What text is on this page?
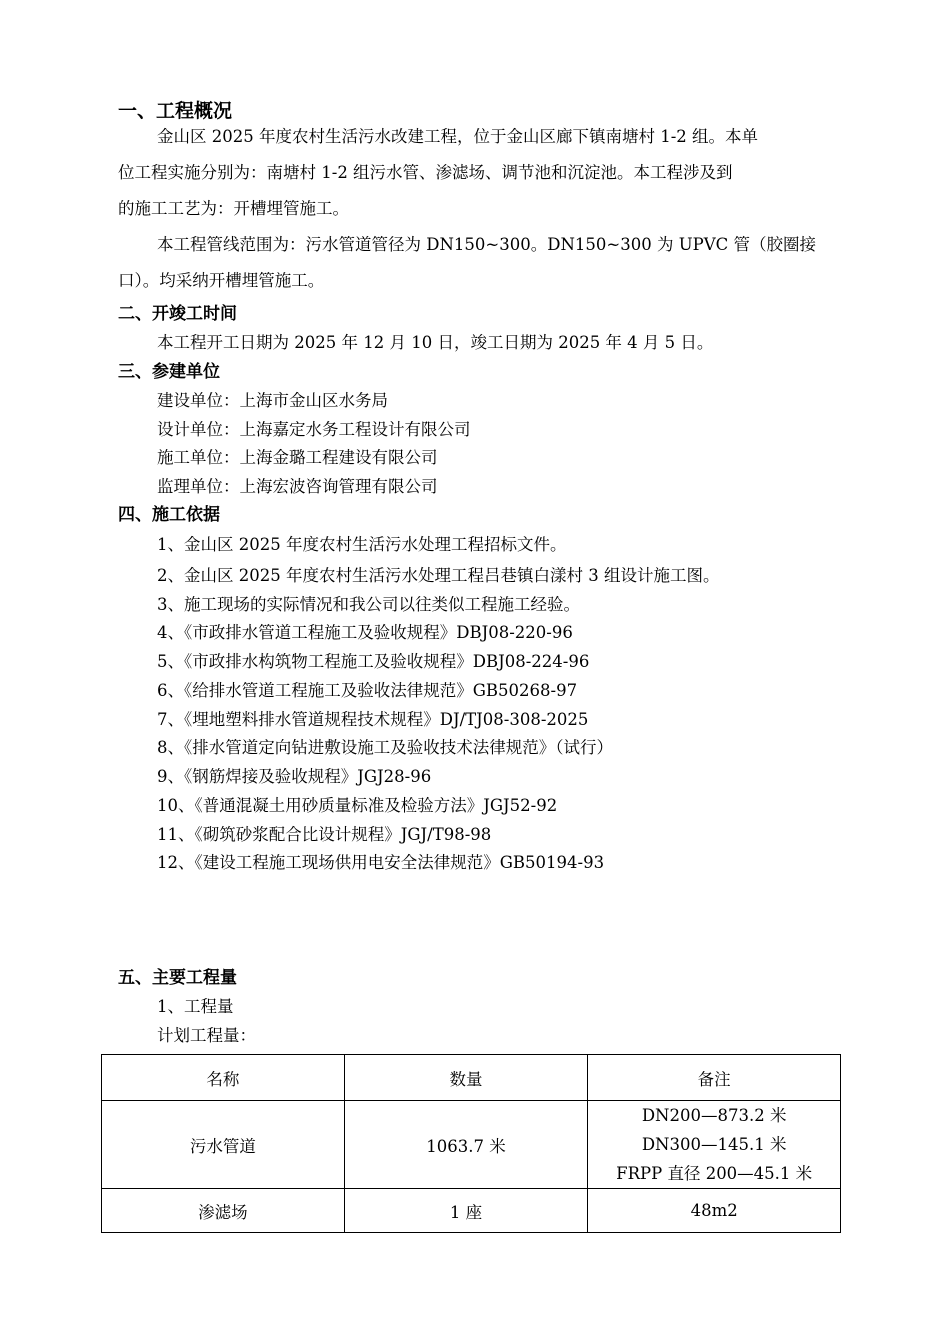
一、工程概况
金山区 2025 年度农村生活污水改建工程，位于金山区廊下镇南塘村 1-2 组。本单
位工程实施分别为：南塘村 1-2 组污水管、渗滤场、调节池和沉淀池。本工程涉及到
的施工工艺为：开槽埋管施工。
本工程管线范围为：污水管道管径为 DN150~300。DN150~300 为 UPVC 管（胶圈接
口）。均采纳开槽埋管施工。
二、开竣工时间
本工程开工日期为 2025 年 12 月 10 日，竣工日期为 2025 年 4 月 5 日。
三、参建单位
建设单位：上海市金山区水务局
设计单位：上海嘉定水务工程设计有限公司
施工单位：上海金璐工程建设有限公司
监理单位：上海宏波咨询管理有限公司
四、施工依据
1、金山区 2025 年度农村生活污水处理工程招标文件。
2、金山区 2025 年度农村生活污水处理工程吕巷镇白漾村 3 组设计施工图。
3、施工现场的实际情况和我公司以往类似工程施工经验。
4、《市政排水管道工程施工及验收规程》DBJ08-220-96
5、《市政排水构筑物工程施工及验收规程》DBJ08-224-96
6、《给排水管道工程施工及验收法律规范》GB50268-97
7、《埋地塑料排水管道规程技术规程》DJ/TJ08-308-2025
8、《排水管道定向钻进敷设施工及验收技术法律规范》（试行）
9、《钢筋焊接及验收规程》JGJ28-96
10、《普通混凝土用砂质量标准及检验方法》JGJ52-92
11、《砌筑砂浆配合比设计规程》JGJ/T98-98
12、《建设工程施工现场供用电安全法律规范》GB50194-93
五、主要工程量
1、工程量
计划工程量：
名称	数量	备注
污水管道	1063.7 米	DN200—873.2 米
DN300—145.1 米
FRPP 直径 200—45.1 米

渗滤场	1 座	48m2
